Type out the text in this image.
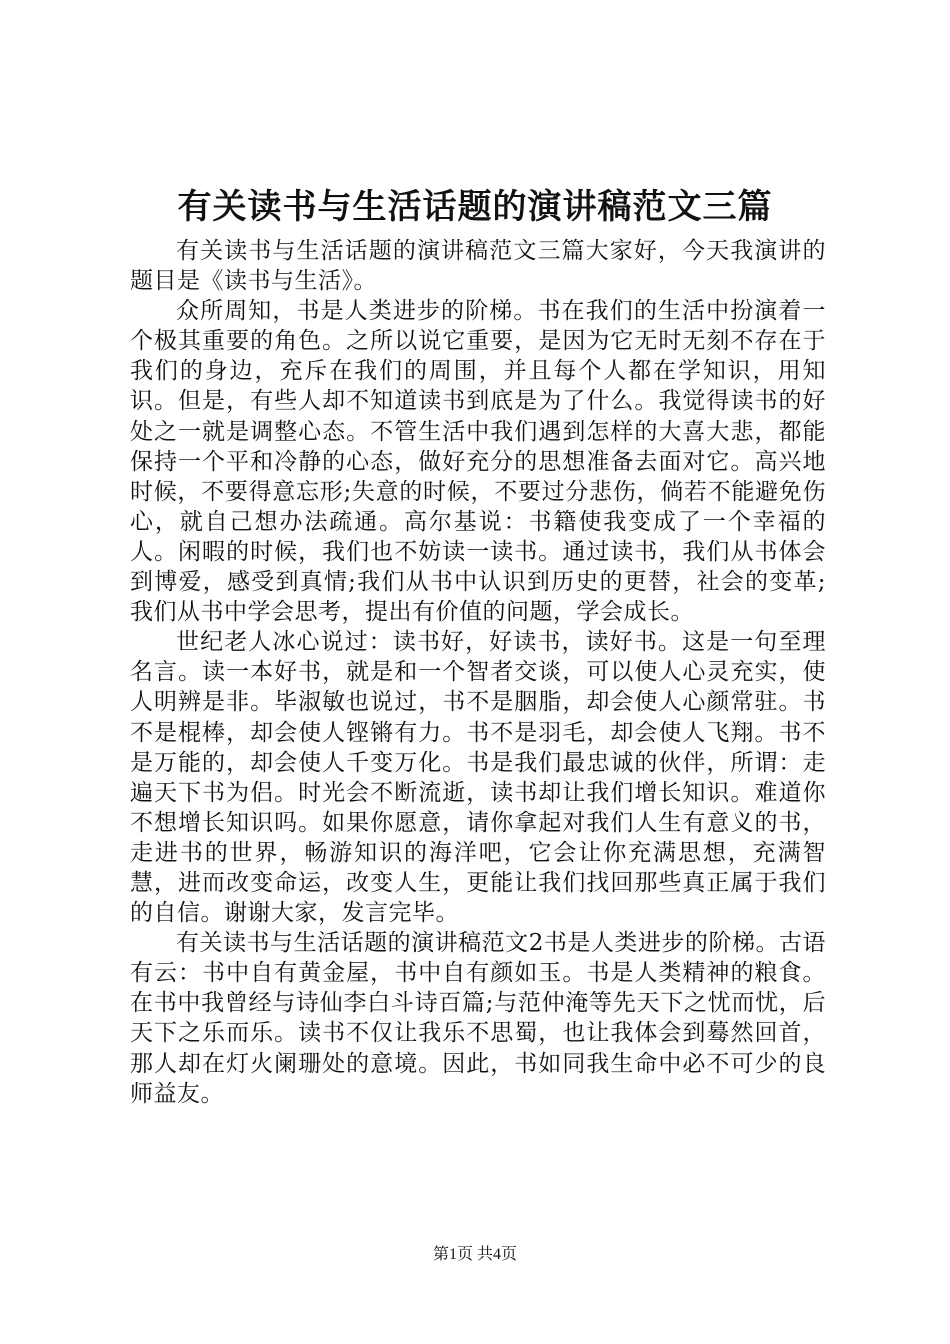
有关读书与生活话题的演讲稿范文三篇

有关读书与生活话题的演讲稿范文三篇大家好，今天我演讲的题目是《读书与生活》。

众所周知，书是人类进步的阶梯。书在我们的生活中扮演着一个极其重要的角色。之所以说它重要，是因为它无时无刻不存在于我们的身边，充斥在我们的周围，并且每个人都在学知识，用知识。但是，有些人却不知道读书到底是为了什么。我觉得读书的好处之一就是调整心态。不管生活中我们遇到怎样的大喜大悲，都能保持一个平和冷静的心态，做好充分的思想准备去面对它。高兴地时候，不要得意忘形;失意的时候，不要过分悲伤，倘若不能避免伤心，就自己想办法疏通。高尔基说：书籍使我变成了一个幸福的人。闲暇的时候，我们也不妨读一读书。通过读书，我们从书体会到博爱，感受到真情;我们从书中认识到历史的更替，社会的变革;我们从书中学会思考，提出有价值的问题，学会成长。

世纪老人冰心说过：读书好，好读书，读好书。这是一句至理名言。读一本好书，就是和一个智者交谈，可以使人心灵充实，使人明辨是非。毕淑敏也说过，书不是胭脂，却会使人心颜常驻。书不是棍棒，却会使人铿锵有力。书不是羽毛，却会使人飞翔。书不是万能的，却会使人千变万化。书是我们最忠诚的伙伴，所谓：走遍天下书为侣。时光会不断流逝，读书却让我们增长知识。难道你不想增长知识吗。如果你愿意，请你拿起对我们人生有意义的书，走进书的世界，畅游知识的海洋吧，它会让你充满思想，充满智慧，进而改变命运，改变人生，更能让我们找回那些真正属于我们的自信。谢谢大家，发言完毕。

有关读书与生活话题的演讲稿范文2书是人类进步的阶梯。古语有云：书中自有黄金屋，书中自有颜如玉。书是人类精神的粮食。在书中我曾经与诗仙李白斗诗百篇;与范仲淹等先天下之忧而忧，后天下之乐而乐。读书不仅让我乐不思蜀，也让我体会到蓦然回首，那人却在灯火阑珊处的意境。因此，书如同我生命中必不可少的良师益友。

第1页 共4页
